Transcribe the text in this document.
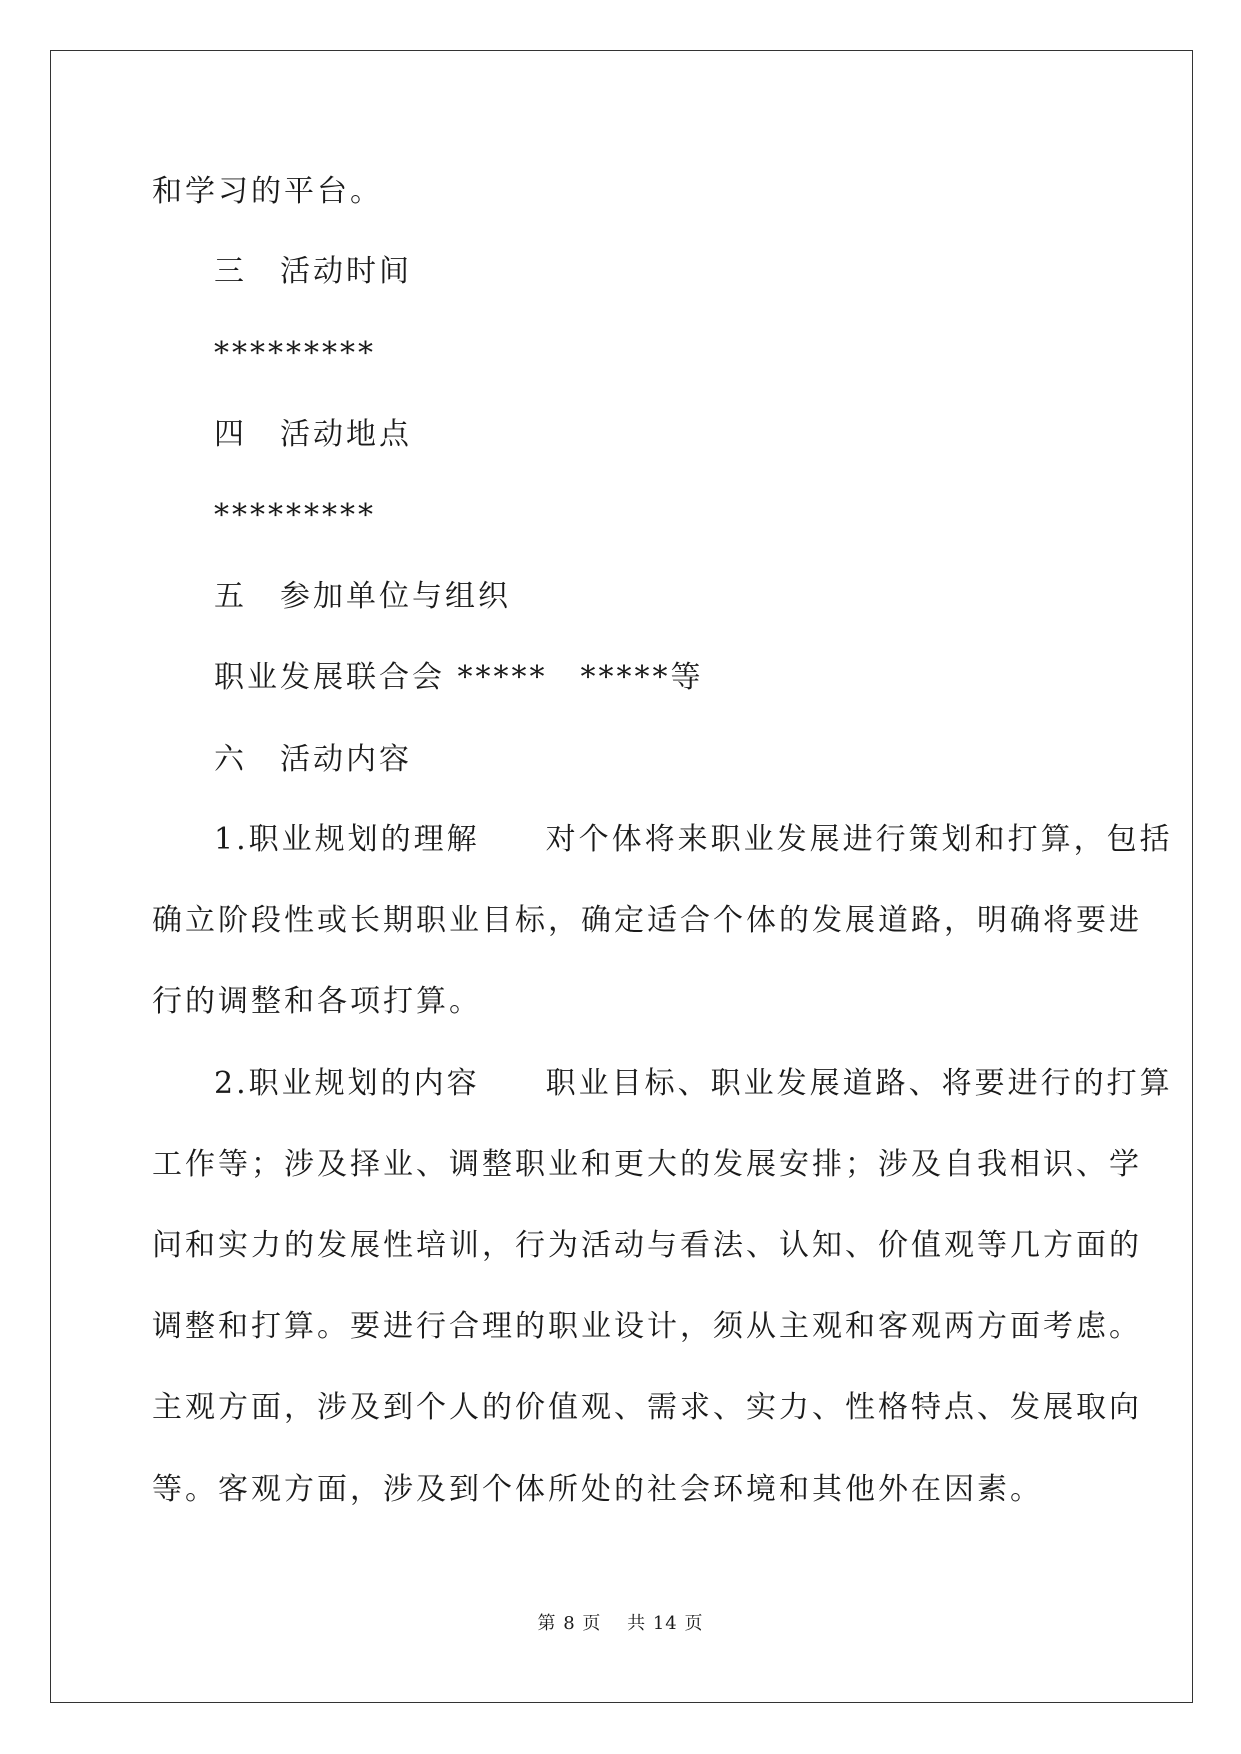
和学习的平台。
三　活动时间
*********
四　活动地点
*********
五　参加单位与组织
职业发展联合会 *****　*****等
六　活动内容
1.职业规划的理解　　对个体将来职业发展进行策划和打算，包括
确立阶段性或长期职业目标，确定适合个体的发展道路，明确将要进
行的调整和各项打算。
2.职业规划的内容　　职业目标、职业发展道路、将要进行的打算
工作等；涉及择业、调整职业和更大的发展安排；涉及自我相识、学
问和实力的发展性培训，行为活动与看法、认知、价值观等几方面的
调整和打算。要进行合理的职业设计，须从主观和客观两方面考虑。
主观方面，涉及到个人的价值观、需求、实力、性格特点、发展取向
等。客观方面，涉及到个体所处的社会环境和其他外在因素。
第 8 页　 共 14 页
